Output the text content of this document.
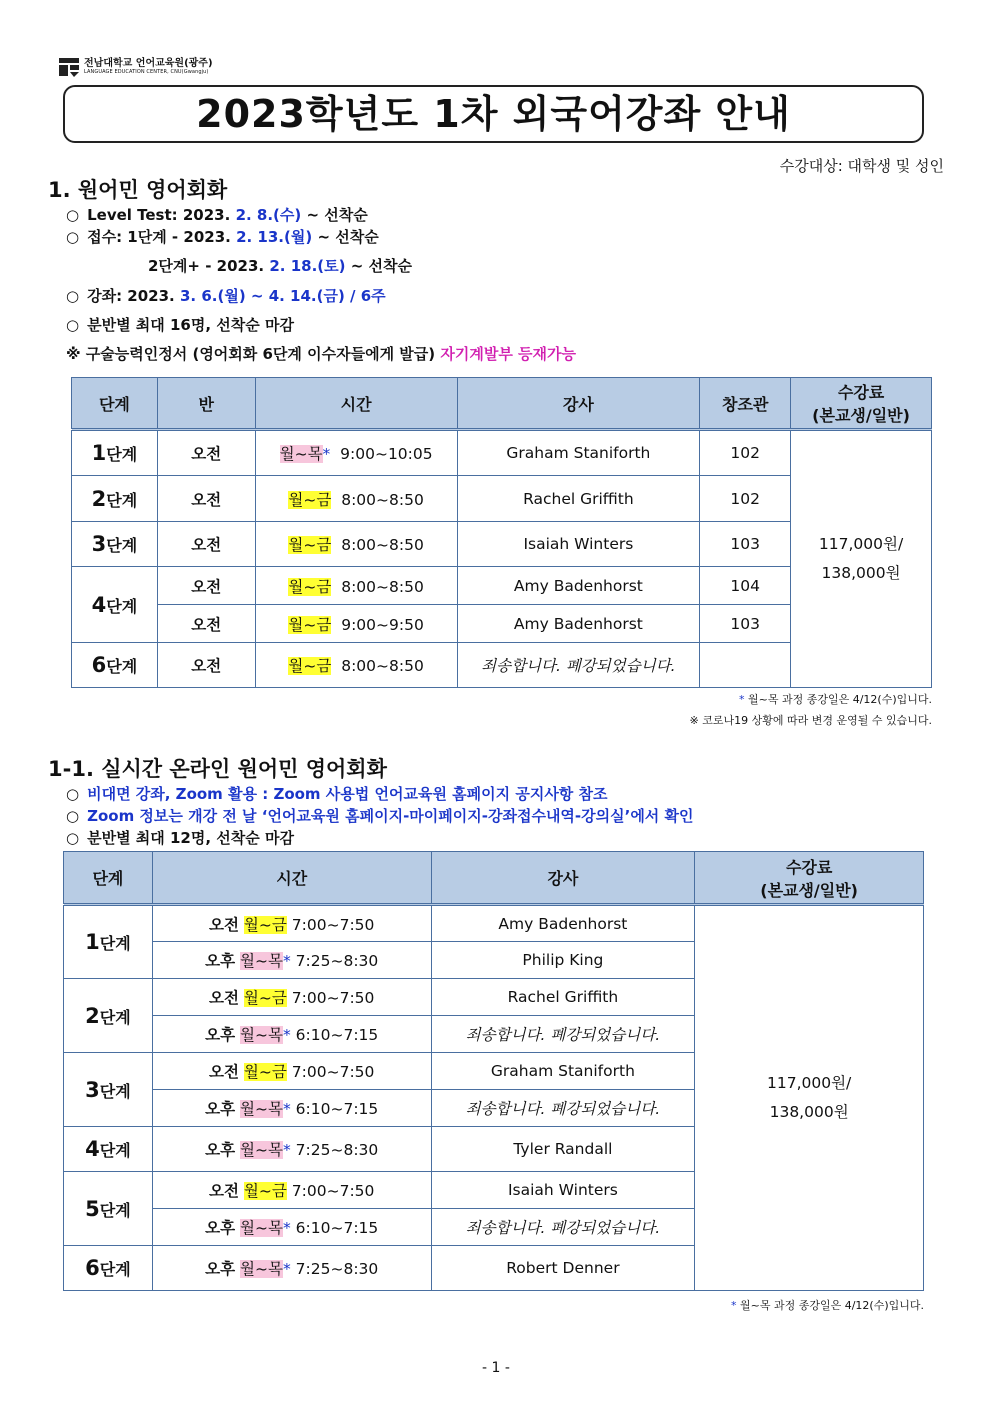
전남대학교 언어교육원(광주)
LANGUAGE EDUCATION CENTER, CNU(Gwangju)
2023학년도 1차 외국어강좌 안내
수강대상: 대학생 및 성인
1. 원어민 영어회화
○ Level Test: 2023. 2. 8.(수) ~ 선착순
○ 접수: 1단계 - 2023. 2. 13.(월) ~ 선착순
2단계+ - 2023. 2. 18.(토) ~ 선착순
○ 강좌: 2023. 3. 6.(월) ~ 4. 14.(금) / 6주
○ 분반별 최대 16명, 선착순 마감
※ 구술능력인정서 (영어회화 6단계 이수자들에게 발급) 자기계발부 등재가능
단계	반	시간	강사	창조관	수강료
(본교생/일반)

1단계	오전	월~목* 9:00~10:05	Graham Staniforth	102	117,000원/
138,000원

2단계	오전	월~금 8:00~8:50	Rachel Griffith	102	
3단계	오전	월~금 8:00~8:50	Isaiah Winters	103	
4단계	오전	월~금 8:00~8:50	Amy Badenhorst	104	
	오전	월~금 9:00~9:50	Amy Badenhorst	103	
6단계	오전	월~금 8:00~8:50	죄송합니다. 폐강되었습니다.		
* 월~목 과정 종강일은 4/12(수)입니다.
※ 코로나19 상황에 따라 변경 운영될 수 있습니다.
1-1. 실시간 온라인 원어민 영어회화
○ 비대면 강좌, Zoom 활용 : Zoom 사용법 언어교육원 홈페이지 공지사항 참조
○ Zoom 정보는 개강 전 날 ‘언어교육원 홈페이지-마이페이지-강좌접수내역-강의실’에서 확인
○ 분반별 최대 12명, 선착순 마감
단계	시간	강사	수강료
(본교생/일반)

1단계	오전 월~금 7:00~7:50	Amy Badenhorst	117,000원/
138,000원

	오후 월~목* 7:25~8:30	Philip King	
2단계	오전 월~금 7:00~7:50	Rachel Griffith	
	오후 월~목* 6:10~7:15	죄송합니다. 폐강되었습니다.	
3단계	오전 월~금 7:00~7:50	Graham Staniforth	
	오후 월~목* 6:10~7:15	죄송합니다. 폐강되었습니다.	
4단계	오후 월~목* 7:25~8:30	Tyler Randall	
5단계	오전 월~금 7:00~7:50	Isaiah Winters	
	오후 월~목* 6:10~7:15	죄송합니다. 폐강되었습니다.	
6단계	오후 월~목* 7:25~8:30	Robert Denner	
* 월~목 과정 종강일은 4/12(수)입니다.
- 1 -
